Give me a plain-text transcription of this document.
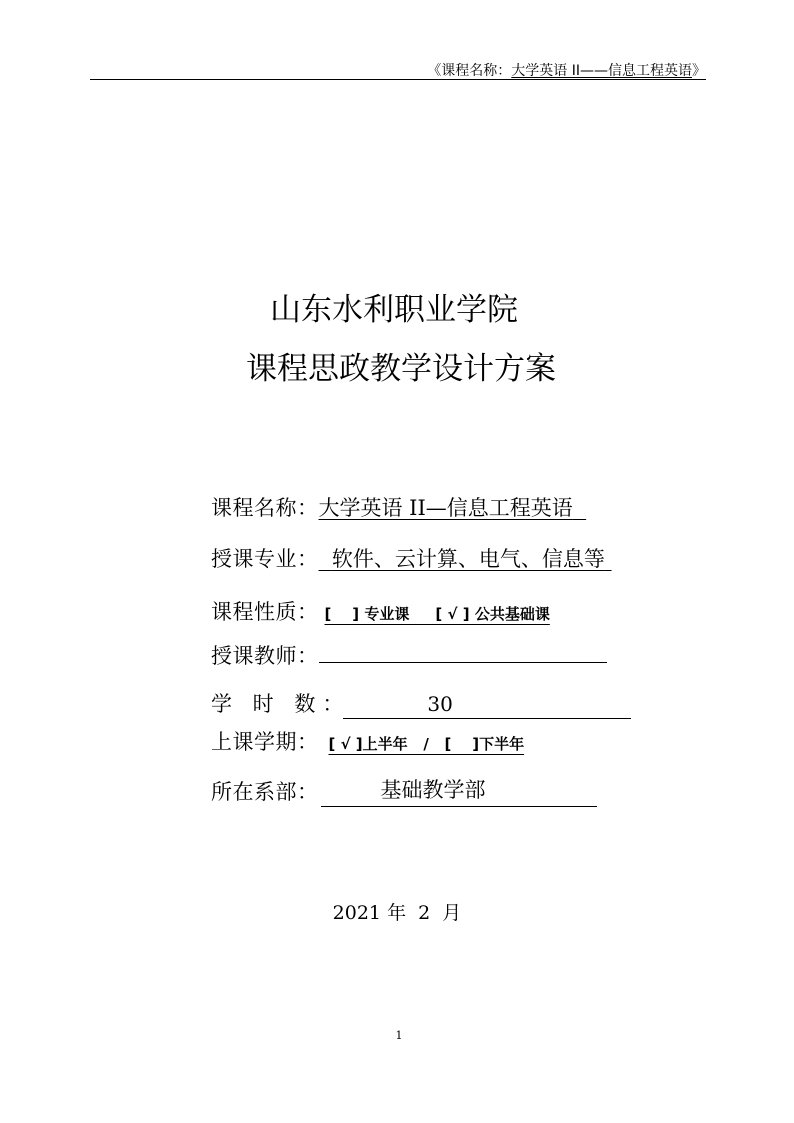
《课程名称：大学英语 II——信息工程英语》
山东水利职业学院
课程思政教学设计方案
课程名称： 大学英语 II—信息工程英语

授课专业：
软件、云计算、电气、信息等

课程性质： [    ] 专业课     [ √ ] 公共基础课
授课教师：
学 时 数：	30

上课学期： [ √ ]上半年   /   [    ]下半年
所在系部：	基础教学部

2021 年  2  月
1
